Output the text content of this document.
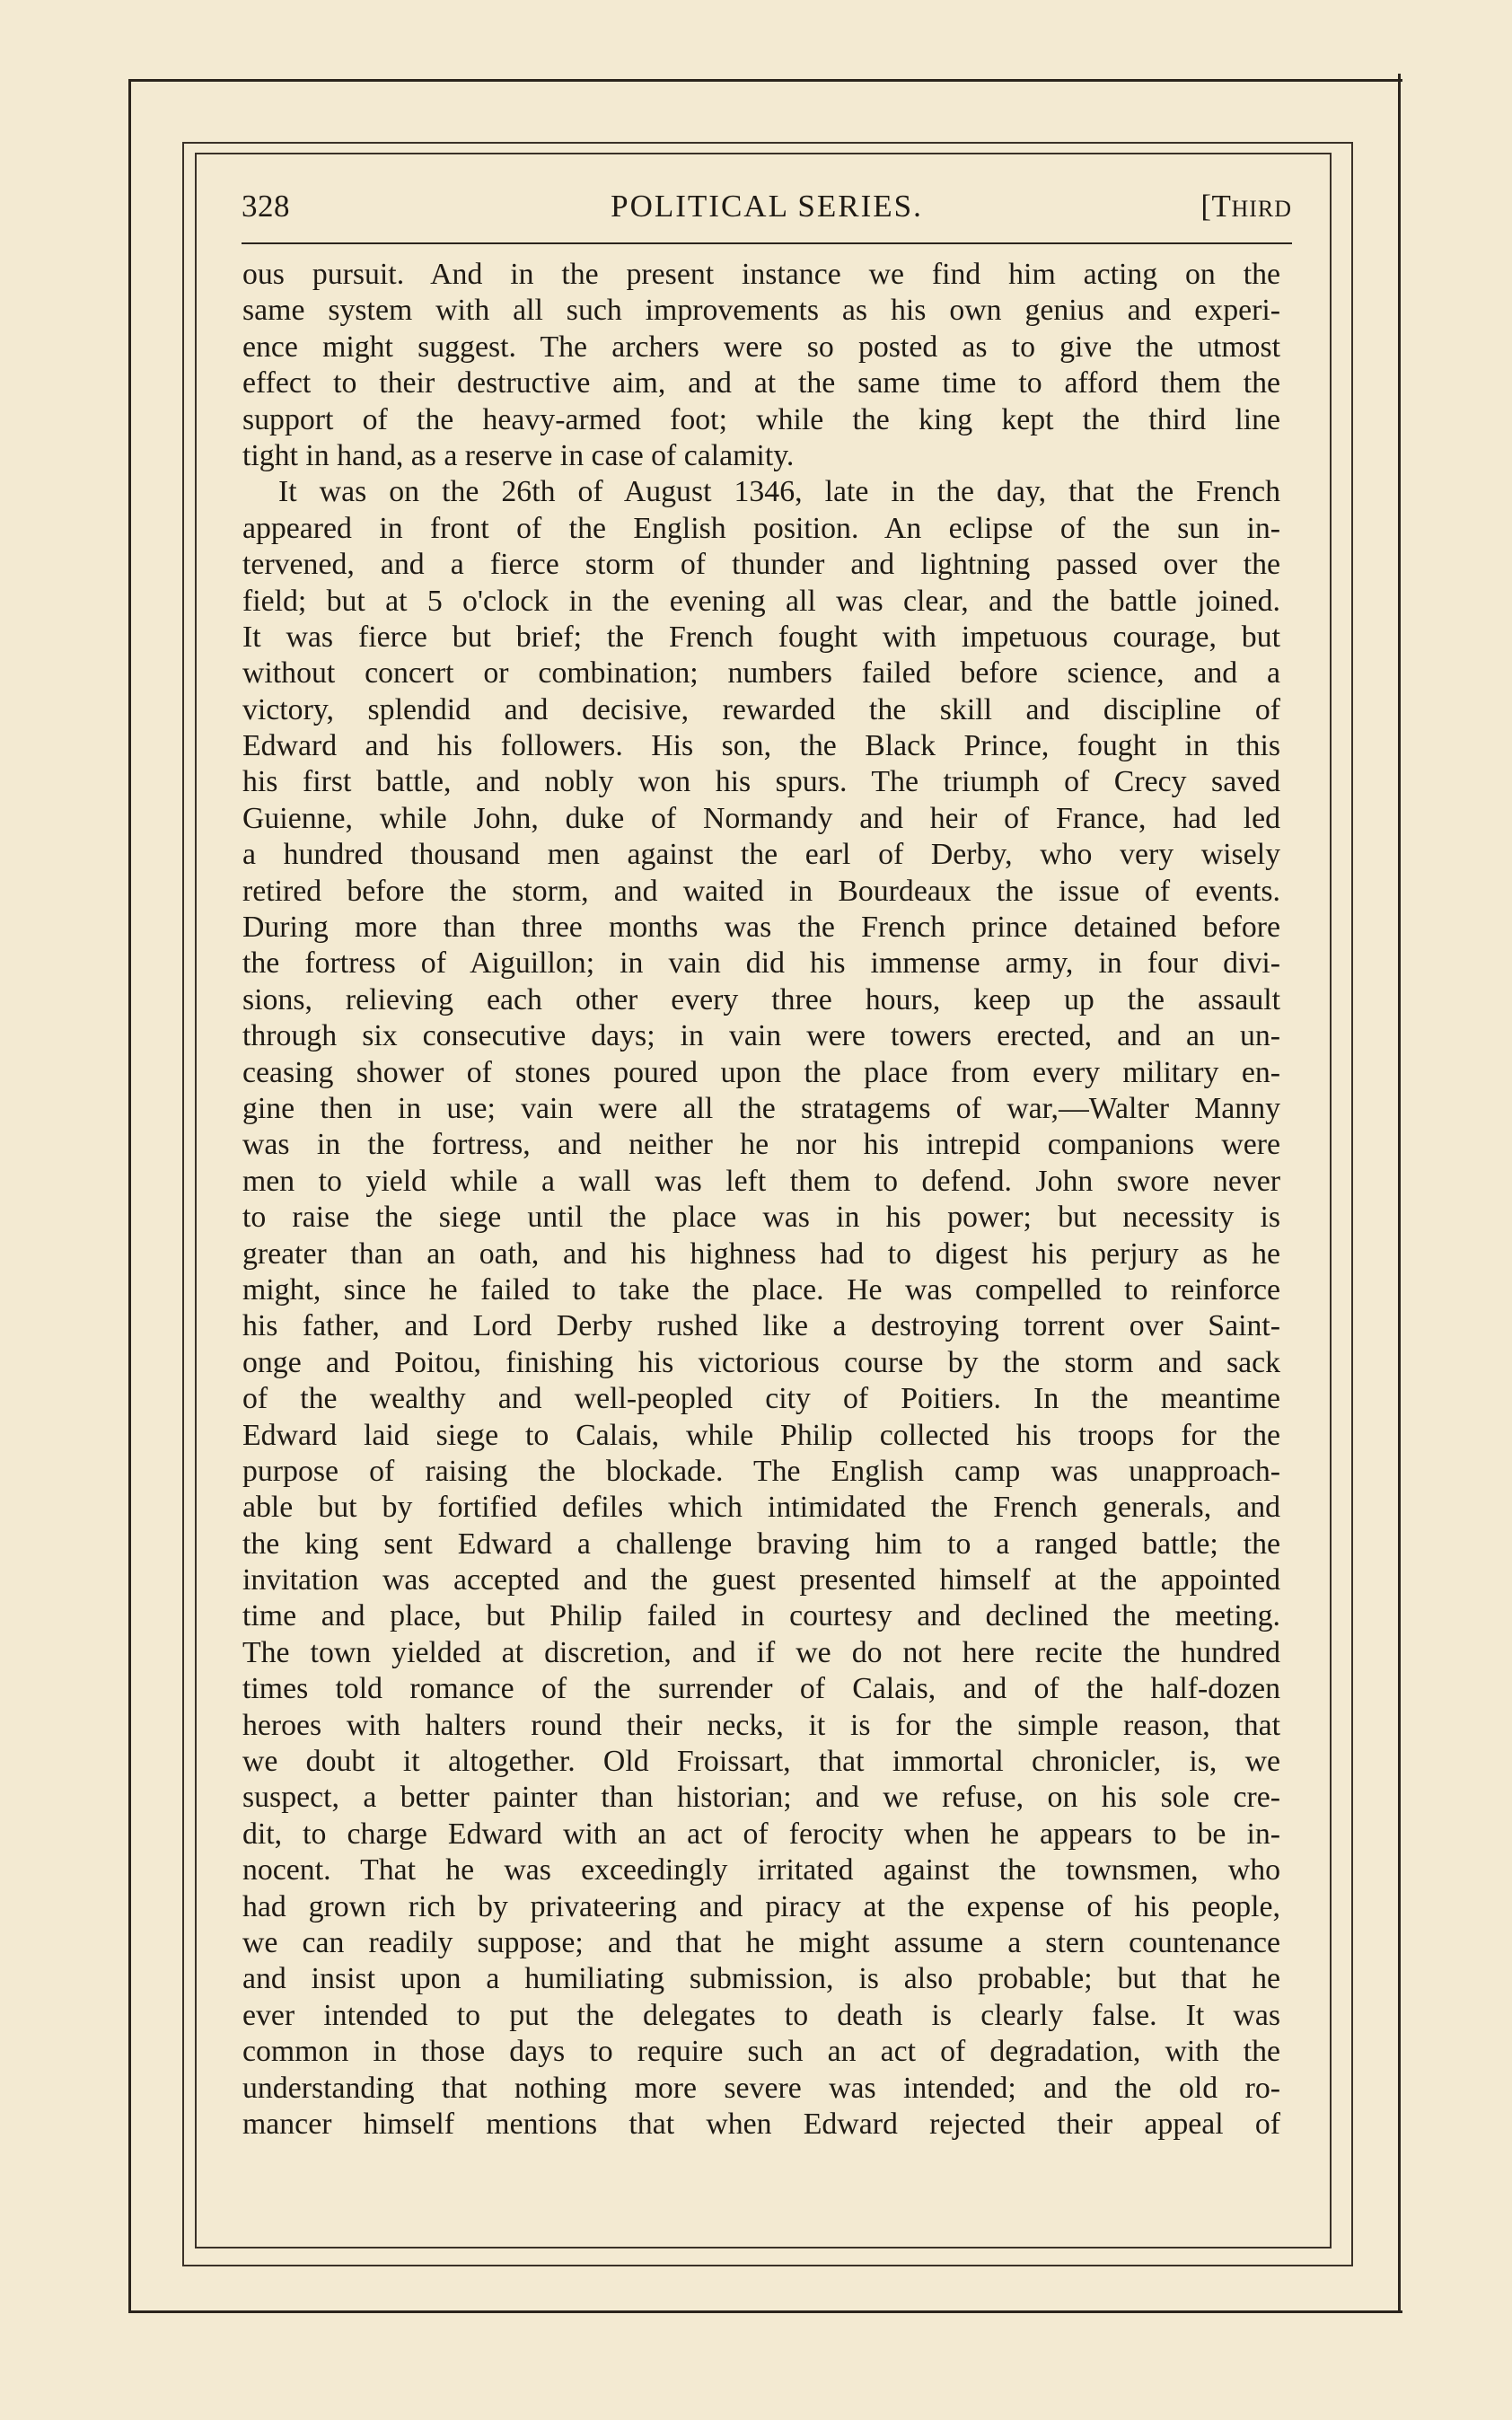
328	POLITICAL SERIES.	[THIRD
ous pursuit. And in the present instance we find him acting on the
same system with all such improvements as his own genius and experi-
ence might suggest. The archers were so posted as to give the utmost
effect to their destructive aim, and at the same time to afford them the
support of the heavy-armed foot; while the king kept the third line
tight in hand, as a reserve in case of calamity.
It was on the 26th of August 1346, late in the day, that the French
appeared in front of the English position. An eclipse of the sun in-
tervened, and a fierce storm of thunder and lightning passed over the
field; but at 5 o'clock in the evening all was clear, and the battle joined.
It was fierce but brief; the French fought with impetuous courage, but
without concert or combination; numbers failed before science, and a
victory, splendid and decisive, rewarded the skill and discipline of
Edward and his followers. His son, the Black Prince, fought in this
his first battle, and nobly won his spurs. The triumph of Crecy saved
Guienne, while John, duke of Normandy and heir of France, had led
a hundred thousand men against the earl of Derby, who very wisely
retired before the storm, and waited in Bourdeaux the issue of events.
During more than three months was the French prince detained before
the fortress of Aiguillon; in vain did his immense army, in four divi-
sions, relieving each other every three hours, keep up the assault
through six consecutive days; in vain were towers erected, and an un-
ceasing shower of stones poured upon the place from every military en-
gine then in use; vain were all the stratagems of war,—Walter Manny
was in the fortress, and neither he nor his intrepid companions were
men to yield while a wall was left them to defend. John swore never
to raise the siege until the place was in his power; but necessity is
greater than an oath, and his highness had to digest his perjury as he
might, since he failed to take the place. He was compelled to reinforce
his father, and Lord Derby rushed like a destroying torrent over Saint-
onge and Poitou, finishing his victorious course by the storm and sack
of the wealthy and well-peopled city of Poitiers. In the meantime
Edward laid siege to Calais, while Philip collected his troops for the
purpose of raising the blockade. The English camp was unapproach-
able but by fortified defiles which intimidated the French generals, and
the king sent Edward a challenge braving him to a ranged battle; the
invitation was accepted and the guest presented himself at the appointed
time and place, but Philip failed in courtesy and declined the meeting.
The town yielded at discretion, and if we do not here recite the hundred
times told romance of the surrender of Calais, and of the half-dozen
heroes with halters round their necks, it is for the simple reason, that
we doubt it altogether. Old Froissart, that immortal chronicler, is, we
suspect, a better painter than historian; and we refuse, on his sole cre-
dit, to charge Edward with an act of ferocity when he appears to be in-
nocent. That he was exceedingly irritated against the townsmen, who
had grown rich by privateering and piracy at the expense of his people,
we can readily suppose; and that he might assume a stern countenance
and insist upon a humiliating submission, is also probable; but that he
ever intended to put the delegates to death is clearly false. It was
common in those days to require such an act of degradation, with the
understanding that nothing more severe was intended; and the old ro-
mancer himself mentions that when Edward rejected their appeal of
